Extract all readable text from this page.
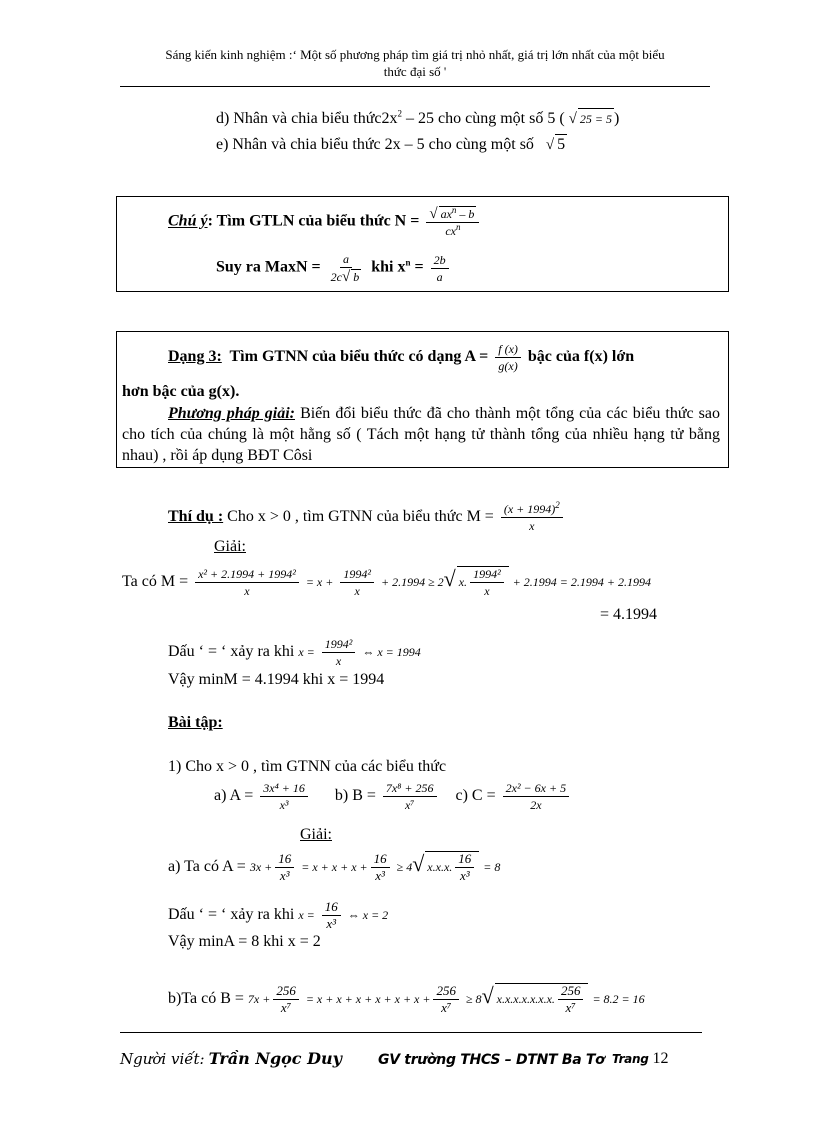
Sáng kiến kinh nghiệm :‘ Một số phương pháp tìm giá trị nhỏ nhất, giá trị lớn nhất của một biểu
thức đại số '
d) Nhân và chia biểu $thức2x^2 - 25$ cho cùng một số 5 ( √ 25 = 5 )
e) Nhân và chia biểu thức 2x – 5 cho cùng một số √ 5
Chú ý: Tìm GTLN của biểu thức $N = \frac{√ ax^n - b}{cx^n}$
Suy ra MaxN = $\frac{a}{2c√ b}$ khi $x^n = \frac{2b}{a}$
Dạng 3: Tìm GTNN của biểu thức có dạng $A = \frac{f (x)}{g(x)}$ bậc của f(x) lớn
hơn bậc của g(x).
Phương pháp giải: Biến đổi biểu thức đã cho thành một tổng của các biểu thức sao cho tích của chúng là một hằng số ( Tách một hạng tử thành tổng của nhiều hạng tử bằng nhau) , rồi áp dụng BĐT Côsi
Thí dụ : Cho x > 0 , tìm GTNN của biểu thức $M = \frac{(x + 1994)^2}{x}$
Giải:
Ta có $M = \frac{\text{x² + 2.1994 + 1994²}}{x} = x + \frac{\text{1994²}}{x} + 2.1994 \ge 2√$ x. $\frac{\text{1994²}}{x} + 2.1994 = 2.1994 + 2.1994$
= 4.1994
Dấu ‘ = ‘ xảy ra khi $x = \frac{\text{1994²}}{x}$ ⇔ x = 1994
Vậy minM = 4.1994 khi x = 1994
Bài tập:
1) Cho x > 0 , tìm GTNN của các biểu thức
a) $A = \frac{\text{3x⁴ + 16}}{\text{x³}} b$) $B = \frac{\text{7x⁸ + 256}}{\text{x⁷}} c$) $C = \frac{\text{2x² − 6x + 5}}{2x}$
Giải:
a) Ta có $A = 3x + \frac{16}{\text{x³}} = x + x + x + \frac{16}{\text{x³}} \ge 4√$ x.x.x. $\frac{16}{\text{x³}} = 8$
Dấu ‘ = ‘ xảy ra khi $x = \frac{16}{\text{x³}}$ ⇔ x = 2
Vậy minA = 8 khi x = 2
b)Ta có $B = 7x + \frac{256}{\text{x⁷}} = x + x + x + x + x + x + \frac{256}{\text{x⁷}} \ge 8√$ x.x.x.x.x.x.x. $\frac{256}{\text{x⁷}} = 8.2 = 16$
Người viết: Trần Ngọc Duy	GV trường THCS – DTNT Ba Tơ Trang 12
